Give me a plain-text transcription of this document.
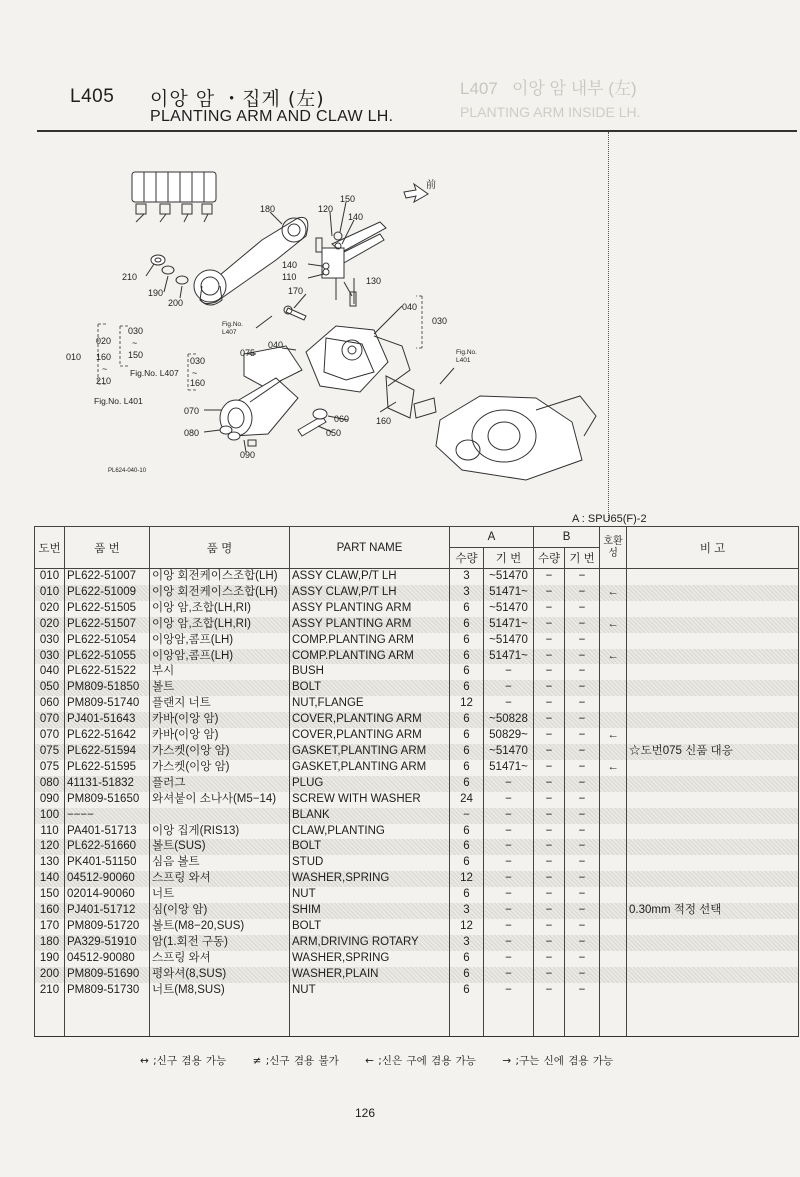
L407 이앙 암 내부 (左)
PLANTING ARM INSIDE LH.
L405 이앙 암 ・집게 (左)
PLANTING ARM AND CLAW LH.
180	120
150
140
140
110	130
170
040
030
210
190
200
075
040
060
050
070
080
090
160
010
020
030
150
160
210
030
160
~
~	~
Fig.No.
L407
Fig.No.
L401
Fig.No. L407
Fig.No. L401
前
PL624-040-10
A : SPU65(F)-2
도번	품 번	품 명	PART NAME	A		B		호환성	비 고
				수량	기 번	수량	기 번		
010	PL622-51007	이앙 회전케이스조합(LH)	ASSY CLAW,P/T LH	3	~51470	−	−		
010	PL622-51009	이앙 회전케이스조합(LH)	ASSY CLAW,P/T LH	3	51471~	−	−	←	
020	PL622-51505	이앙 암,조합(LH,RI)	ASSY PLANTING ARM	6	~51470	−	−		
020	PL622-51507	이앙 암,조합(LH,RI)	ASSY PLANTING ARM	6	51471~	−	−	←	
030	PL622-51054	이앙암,콤프(LH)	COMP.PLANTING ARM	6	~51470	−	−		
030	PL622-51055	이앙암,콤프(LH)	COMP.PLANTING ARM	6	51471~	−	−	←	
040	PL622-51522	부시	BUSH	6	−	−	−		
050	PM809-51850	볼트	BOLT	6	−	−	−		
060	PM809-51740	플랜지 너트	NUT,FLANGE	12	−	−	−		
070	PJ401-51643	카바(이앙 암)	COVER,PLANTING ARM	6	~50828	−	−		
070	PL622-51642	카바(이앙 암)	COVER,PLANTING ARM	6	50829~	−	−	←	
075	PL622-51594	가스켓(이앙 암)	GASKET,PLANTING ARM	6	~51470	−	−		☆도번075 신품 대응
075	PL622-51595	가스켓(이앙 암)	GASKET,PLANTING ARM	6	51471~	−	−	←	
080	41131-51832	플러그	PLUG	6	−	−	−		
090	PM809-51650	와셔붙이 소나사(M5−14)	SCREW WITH WASHER	24	−	−	−		
100	−−−−		BLANK	−	−	−	−		
110	PA401-51713	이앙 집게(RIS13)	CLAW,PLANTING	6	−	−	−		
120	PL622-51660	볼트(SUS)	BOLT	6	−	−	−		
130	PK401-51150	심음 볼트	STUD	6	−	−	−		
140	04512-90060	스프링 와셔	WASHER,SPRING	12	−	−	−		
150	02014-90060	너트	NUT	6	−	−	−		
160	PJ401-51712	심(이앙 암)	SHIM	3	−	−	−		0.30mm 적정 선택
170	PM809-51720	볼트(M8−20,SUS)	BOLT	12	−	−	−		
180	PA329-51910	암(1.회전 구동)	ARM,DRIVING ROTARY	3	−	−	−		
190	04512-90080	스프링 와셔	WASHER,SPRING	6	−	−	−		
200	PM809-51690	평와셔(8,SUS)	WASHER,PLAIN	6	−	−	−		
210	PM809-51730	너트(M8,SUS)	NUT	6	−	−	−		

↔ ;신구 겸용 가능	≠ ;신구 겸용 불가	← ;신은 구에 겸용 가능	→ ;구는 신에 겸용 가능
126
